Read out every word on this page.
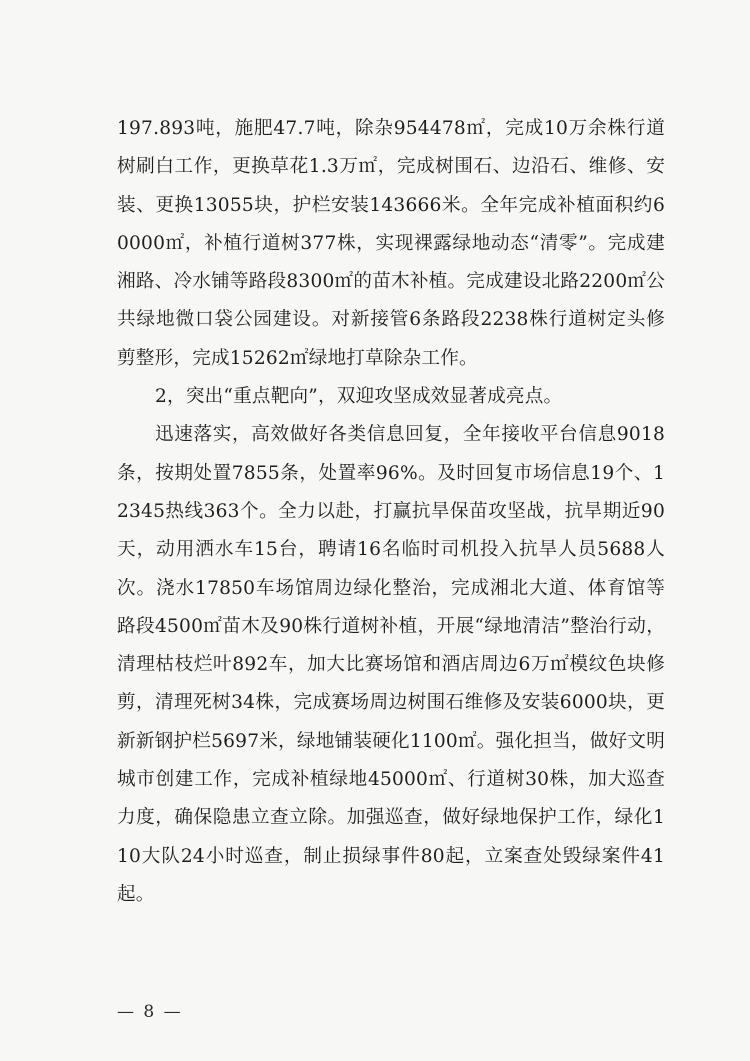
197.893吨，施肥47.7吨，除杂954478㎡，完成10万余株行道树刷白工作，更换草花1.3万㎡，完成树围石、边沿石、维修、安装、更换13055块，护栏安装143666米。全年完成补植面积约60000㎡，补植行道树377株，实现裸露绿地动态“清零”。完成建湘路、冷水铺等路段8300㎡的苗木补植。完成建设北路2200㎡公共绿地微口袋公园建设。对新接管6条路段2238株行道树定头修剪整形，完成15262㎡绿地打草除杂工作。

2，突出“重点靶向”，双迎攻坚成效显著成亮点。

迅速落实，高效做好各类信息回复，全年接收平台信息9018条，按期处置7855条，处置率96%。及时回复市场信息19个、12345热线363个。全力以赴，打赢抗旱保苗攻坚战，抗旱期近90天，动用洒水车15台，聘请16名临时司机投入抗旱人员5688人次。浇水17850车场馆周边绿化整治，完成湘北大道、体育馆等路段4500㎡苗木及90株行道树补植，开展“绿地清洁”整治行动，清理枯枝烂叶892车，加大比赛场馆和酒店周边6万㎡模纹色块修剪，清理死树34株，完成赛场周边树围石维修及安装6000块，更新新钢护栏5697米，绿地铺装硬化1100㎡。强化担当，做好文明城市创建工作，完成补植绿地45000㎡、行道树30株，加大巡查力度，确保隐患立查立除。加强巡查，做好绿地保护工作，绿化110大队24小时巡查，制止损绿事件80起，立案查处毁绿案件41起。

— 8 —
